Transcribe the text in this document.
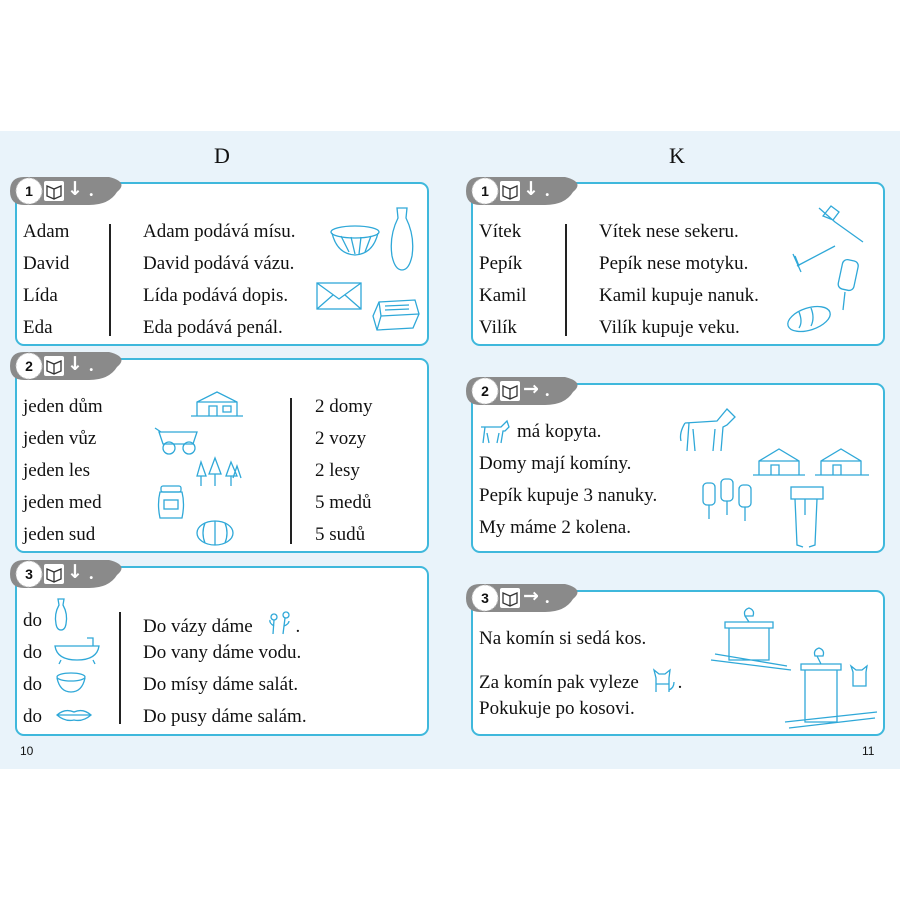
D
10
Adam
David
Lída
Eda
Adam podává mísu.
David podává vázu.
Lída podává dopis.
Eda podává penál.
1 ↓ .
jeden dům
jeden vůz
jeden les
jeden med
jeden sud
2 domy
2 vozy
2 lesy
5 medů
5 sudů
2 ↓ .
do
do
do
do
Do vázy dáme .
Do vany dáme vodu.
Do mísy dáme salát.
Do pusy dáme salám.
3 ↓ .
K
11
Vítek
Pepík
Kamil
Vilík
Vítek nese sekeru.
Pepík nese motyku.
Kamil kupuje nanuk.
Vilík kupuje veku.
1 ↓ .
má kopyta.
Domy mají komíny.
Pepík kupuje 3 nanuky.
My máme 2 kolena.
2 → .
Na komín si sedá kos.
Za komín pak vyleze .
Pokukuje po kosovi.
3 → .
